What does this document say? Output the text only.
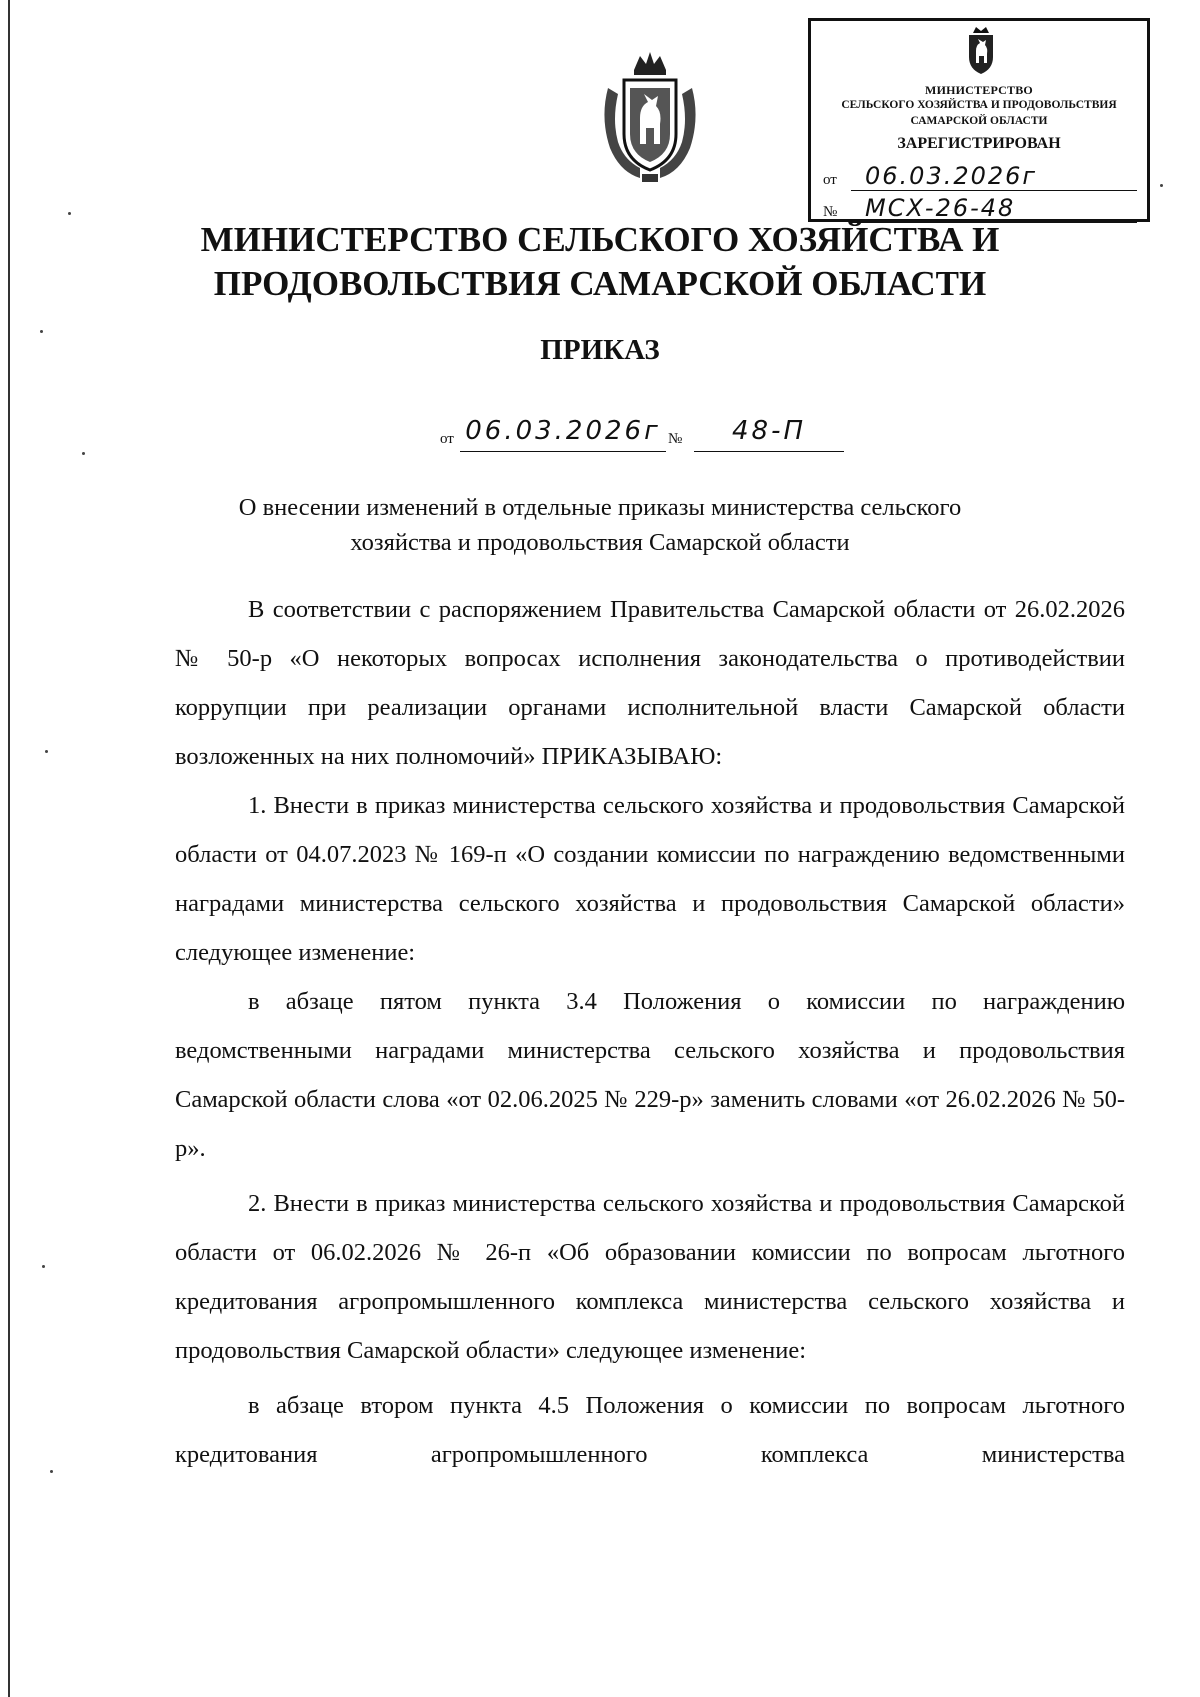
МИНИСТЕРСТВО
СЕЛЬСКОГО ХОЗЯЙСТВА И ПРОДОВОЛЬСТВИЯ
САМАРСКОЙ ОБЛАСТИ
ЗАРЕГИСТРИРОВАН
от	06.03.2026г
№	МСХ-26-48
МИНИСТЕРСТВО СЕЛЬСКОГО ХОЗЯЙСТВА И
ПРОДОВОЛЬСТВИЯ САМАРСКОЙ ОБЛАСТИ
ПРИКАЗ
от 06.03.2026г №	48-П
О внесении изменений в отдельные приказы министерства сельского
хозяйства и продовольствия Самарской области

В соответствии с распоряжением Правительства Самарской области от 26.02.2026 № 50-р «О некоторых вопросах исполнения законодательства о противодействии коррупции при реализации органами исполнительной власти Самарской области возложенных на них полномочий» ПРИКАЗЫВАЮ:

1. Внести в приказ министерства сельского хозяйства и продовольствия Самарской области от 04.07.2023 № 169-п «О создании комиссии по награждению ведомственными наградами министерства сельского хозяйства и продовольствия Самарской области» следующее изменение:

в абзаце пятом пункта 3.4 Положения о комиссии по награждению ведомственными наградами министерства сельского хозяйства и продовольствия Самарской области слова «от 02.06.2025 № 229-р» заменить словами «от 26.02.2026 № 50-р».

2. Внести в приказ министерства сельского хозяйства и продовольствия Самарской области от 06.02.2026 № 26-п «Об образовании комиссии по вопросам льготного кредитования агропромышленного комплекса министерства сельского хозяйства и продовольствия Самарской области» следующее изменение:

в абзаце втором пункта 4.5 Положения о комиссии по вопросам льготного кредитования агропромышленного комплекса министерства
